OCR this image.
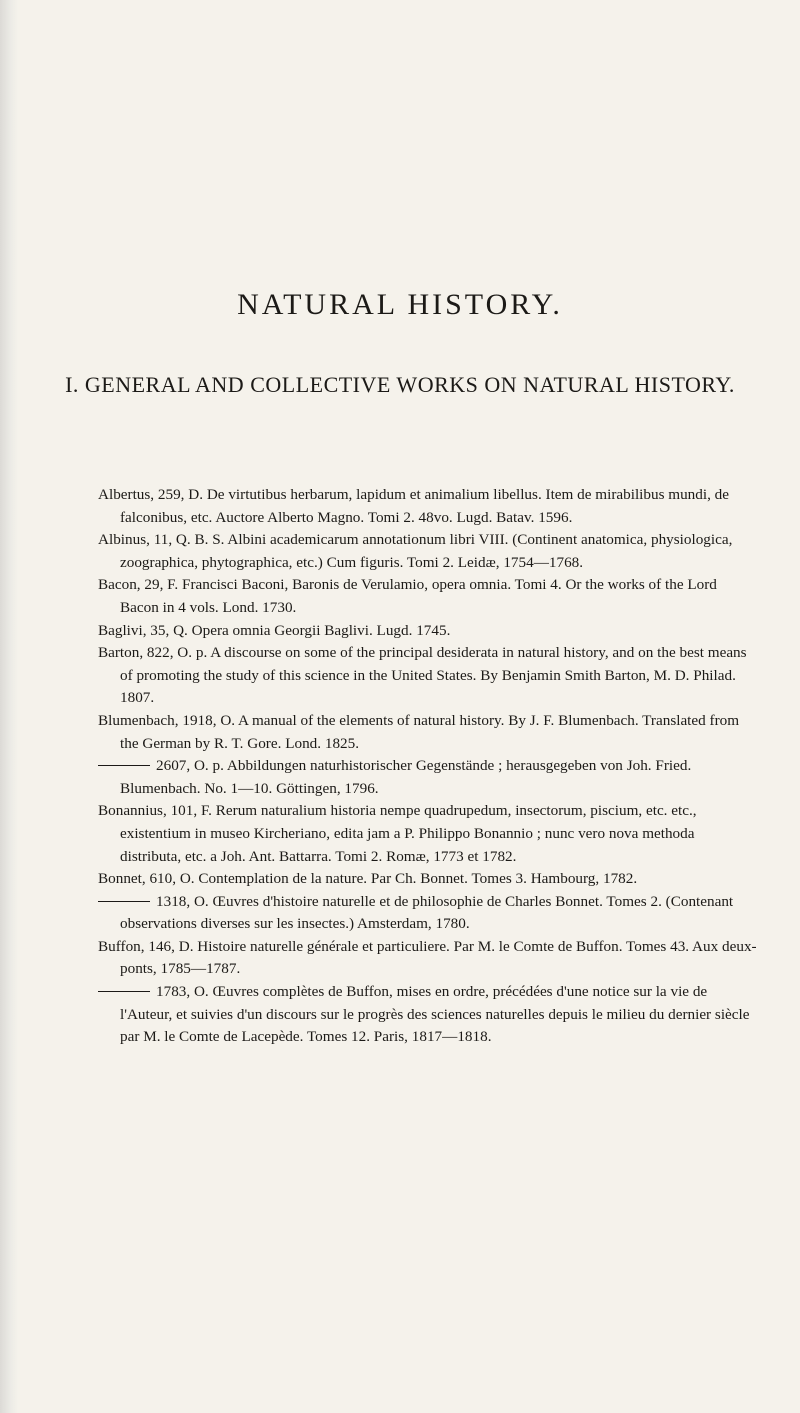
NATURAL HISTORY.
I. GENERAL AND COLLECTIVE WORKS ON NATURAL HISTORY.

Albertus, 259, D. De virtutibus herbarum, lapidum et animalium libellus. Item de mirabilibus mundi, de falconibus, etc. Auctore Alberto Magno. Tomi 2. 48vo. Lugd. Batav. 1596.

Albinus, 11, Q. B. S. Albini academicarum annotationum libri VIII. (Continent anatomica, physiologica, zoographica, phytographica, etc.) Cum figuris. Tomi 2. Leidæ, 1754—1768.

Bacon, 29, F. Francisci Baconi, Baronis de Verulamio, opera omnia. Tomi 4. Or the works of the Lord Bacon in 4 vols. Lond. 1730.

Baglivi, 35, Q. Opera omnia Georgii Baglivi. Lugd. 1745.

Barton, 822, O. p. A discourse on some of the principal desiderata in natural history, and on the best means of promoting the study of this science in the United States. By Benjamin Smith Barton, M. D. Philad. 1807.

Blumenbach, 1918, O. A manual of the elements of natural history. By J. F. Blumenbach. Translated from the German by R. T. Gore. Lond. 1825.

2607, O. p. Abbildungen naturhistorischer Gegenstände ; herausgegeben von Joh. Fried. Blumenbach. No. 1—10. Göttingen, 1796.

Bonannius, 101, F. Rerum naturalium historia nempe quadrupedum, insectorum, piscium, etc. etc., existentium in museo Kircheriano, edita jam a P. Philippo Bonannio ; nunc vero nova methoda distributa, etc. a Joh. Ant. Battarra. Tomi 2. Romæ, 1773 et 1782.

Bonnet, 610, O. Contemplation de la nature. Par Ch. Bonnet. Tomes 3. Hambourg, 1782.

1318, O. Œuvres d'histoire naturelle et de philosophie de Charles Bonnet. Tomes 2. (Contenant observations diverses sur les insectes.) Amsterdam, 1780.

Buffon, 146, D. Histoire naturelle générale et particuliere. Par M. le Comte de Buffon. Tomes 43. Aux deux-ponts, 1785—1787.

1783, O. Œuvres complètes de Buffon, mises en ordre, précédées d'une notice sur la vie de l'Auteur, et suivies d'un discours sur le progrès des sciences naturelles depuis le milieu du dernier siècle par M. le Comte de Lacepède. Tomes 12. Paris, 1817—1818.
